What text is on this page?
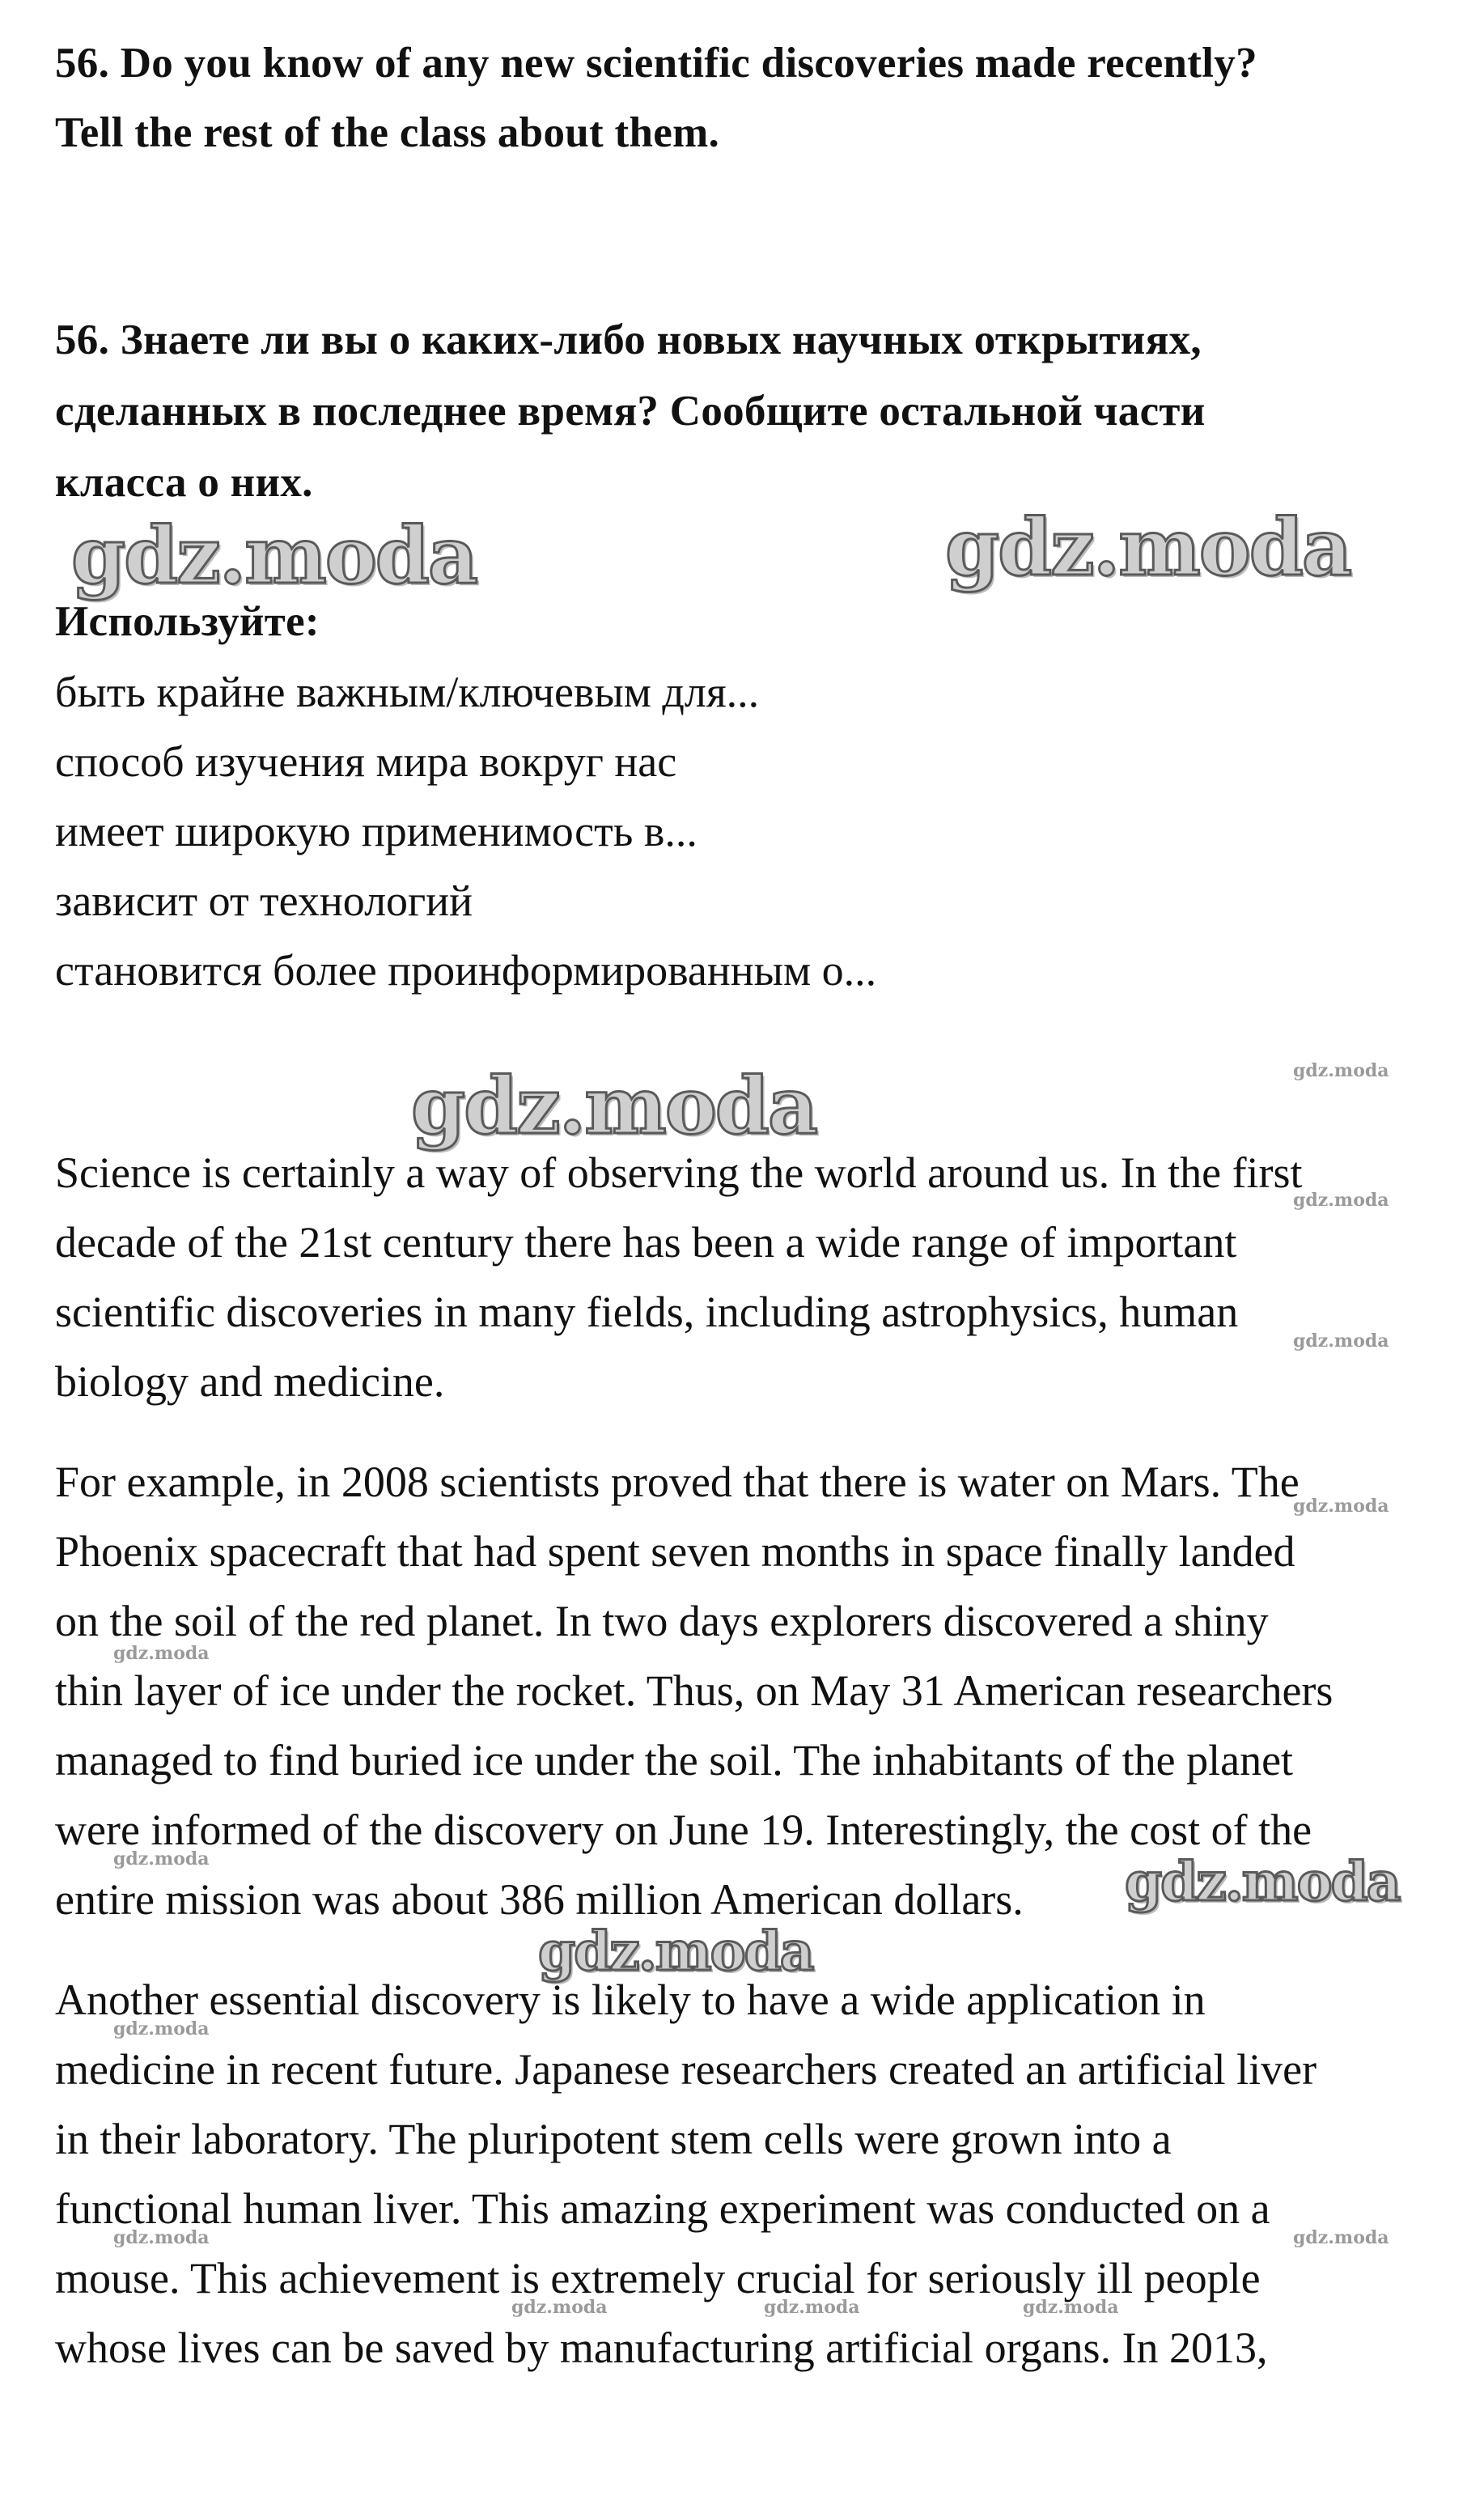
56. Do you know of any new scientific discoveries made recently?
Tell the rest of the class about them.
56. Знаете ли вы о каких-либо новых научных открытиях,
сделанных в последнее время? Сообщите остальной части
класса о них.
Используйте:
быть крайне важным/ключевым для...
способ изучения мира вокруг нас
имеет широкую применимость в...
зависит от технологий
становится более проинформированным о...
Science is certainly a way of observing the world around us. In the first
decade of the 21st century there has been a wide range of important
scientific discoveries in many fields, including astrophysics, human
biology and medicine.
For example, in 2008 scientists proved that there is water on Mars. The
Phoenix spacecraft that had spent seven months in space finally landed
on the soil of the red planet. In two days explorers discovered a shiny
thin layer of ice under the rocket. Thus, on May 31 American researchers
managed to find buried ice under the soil. The inhabitants of the planet
were informed of the discovery on June 19. Interestingly, the cost of the
entire mission was about 386 million American dollars.
Another essential discovery is likely to have a wide application in
medicine in recent future. Japanese researchers created an artificial liver
in their laboratory. The pluripotent stem cells were grown into a
functional human liver. This amazing experiment was conducted on a
mouse. This achievement is extremely crucial for seriously ill people
whose lives can be saved by manufacturing artificial organs. In 2013,
gdz.moda	gdz.moda
gdz.moda
gdz.moda
gdz.moda
gdz.moda
gdz.moda
gdz.moda
gdz.moda
gdz.moda
gdz.moda
gdz.moda
gdz.moda	gdz.moda
gdz.moda	gdz.moda	gdz.moda
